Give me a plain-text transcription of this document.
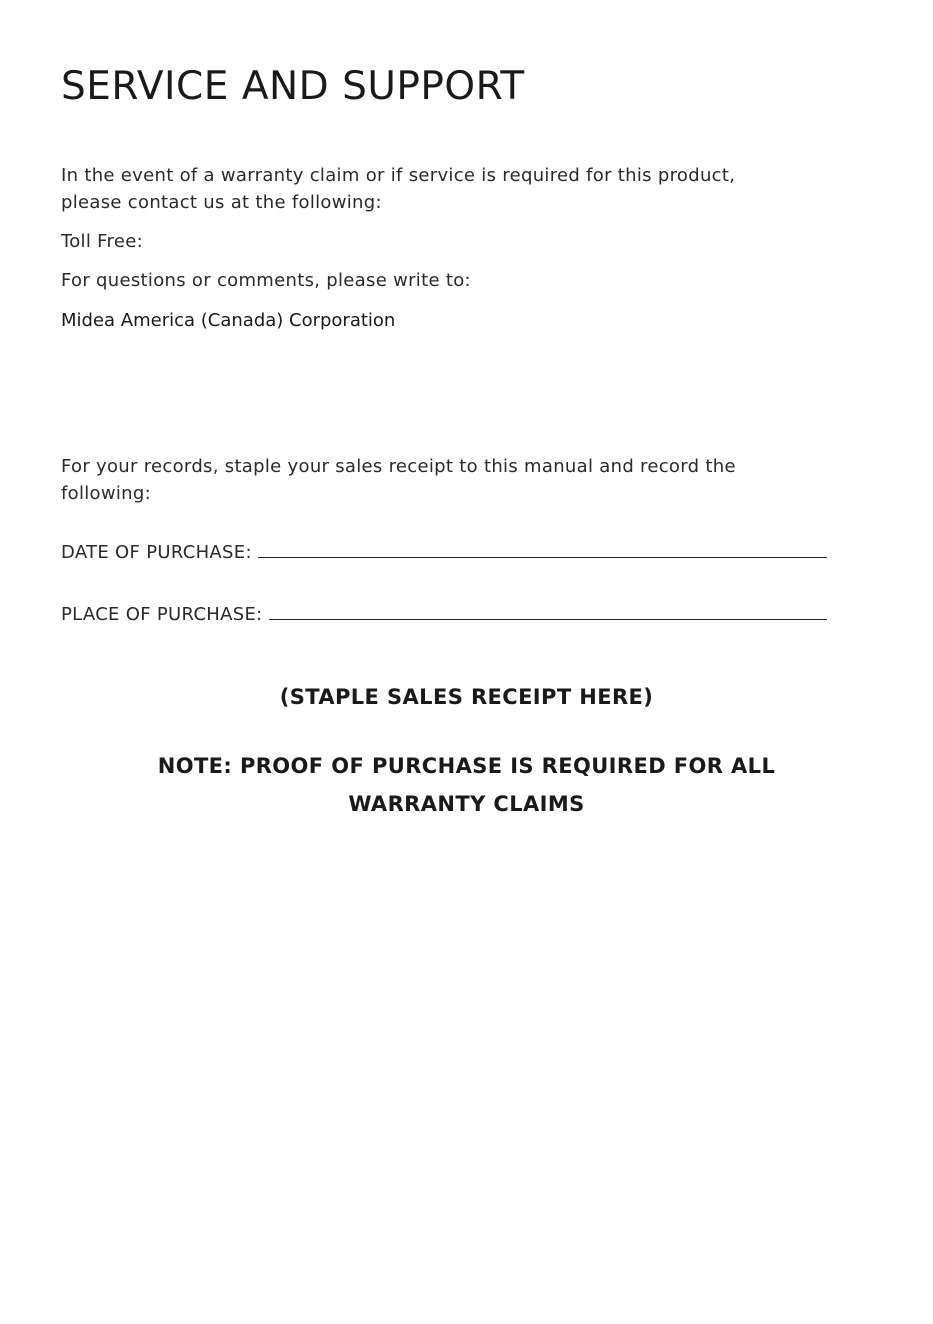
SERVICE AND SUPPORT

In the event of a warranty claim or if service is required for this product,

please contact us at the following:

Toll Free:

For questions or comments, please write to:

Midea America (Canada) Corporation

For your records, staple your sales receipt to this manual and record the

following:

DATE OF PURCHASE:
PLACE OF PURCHASE:

(STAPLE SALES RECEIPT HERE)

NOTE: PROOF OF PURCHASE IS REQUIRED FOR ALL
WARRANTY CLAIMS
